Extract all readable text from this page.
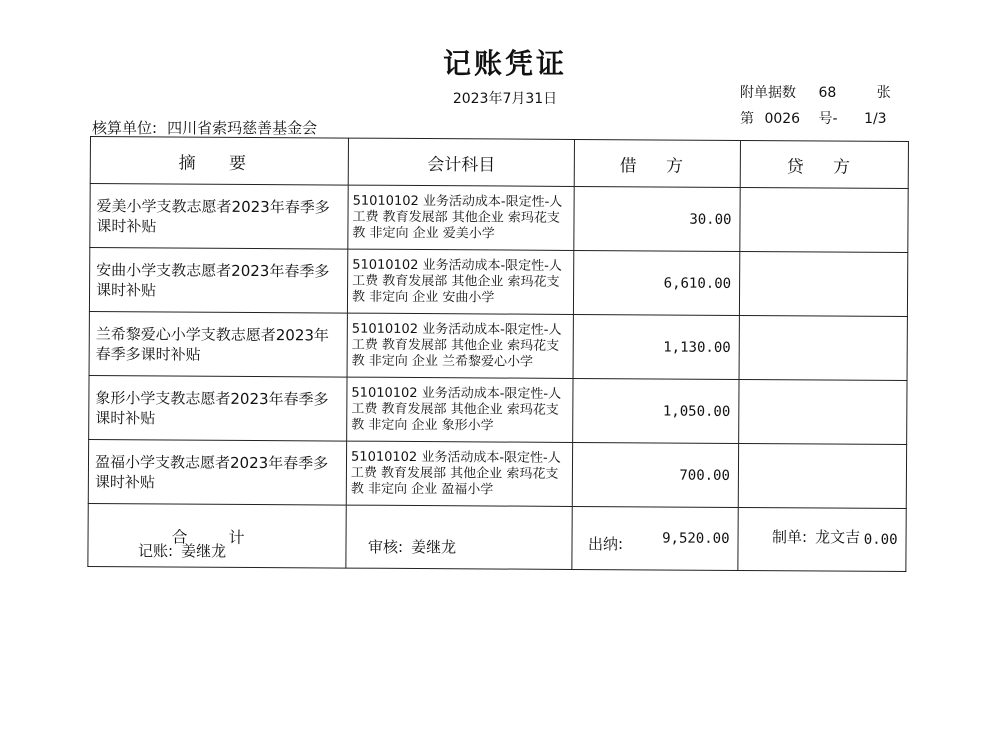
记账凭证
2023年7月31日	附单据数 68	张
第 0026 号- 1/3
核算单位: 四川省索玛慈善基金会
摘 要	会计科目	借 方	贷 方
爱美小学支教志愿者2023年春季多课时补贴	51010102 业务活动成本-限定性-人工费 教育发展部 其他企业 索玛花支教 非定向 企业 爱美小学	30.00	
安曲小学支教志愿者2023年春季多课时补贴	51010102 业务活动成本-限定性-人工费 教育发展部 其他企业 索玛花支教 非定向 企业 安曲小学	6,610.00	
兰希黎爱心小学支教志愿者2023年春季多课时补贴	51010102 业务活动成本-限定性-人工费 教育发展部 其他企业 索玛花支教 非定向 企业 兰希黎爱心小学	1,130.00	
象形小学支教志愿者2023年春季多课时补贴	51010102 业务活动成本-限定性-人工费 教育发展部 其他企业 索玛花支教 非定向 企业 象形小学	1,050.00	
盈福小学支教志愿者2023年春季多课时补贴	51010102 业务活动成本-限定性-人工费 教育发展部 其他企业 索玛花支教 非定向 企业 盈福小学	700.00	
合 计		9,520.00	0.00
记账: 姜继龙	审核: 姜继龙	出纳:	制单: 龙文吉
